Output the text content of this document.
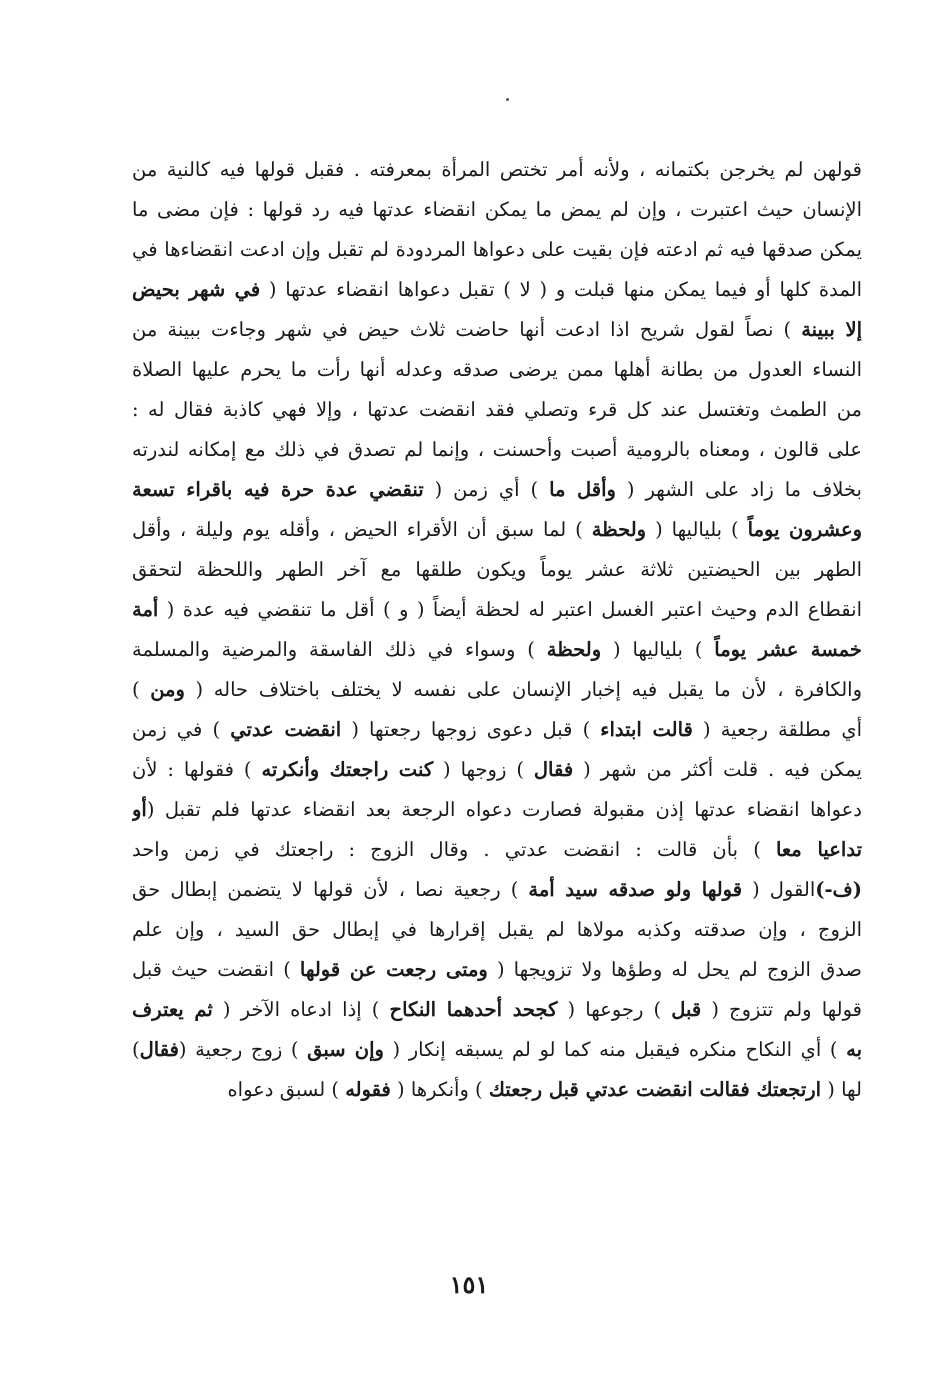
قولهن لم يخرجن بكتمانه ، ولأنه أمر تختص المرأة بمعرفته . فقبل قولها فيه كالنية من
الإنسان حيث اعتبرت ، وإن لم يمض ما يمكن انقضاء عدتها فيه رد قولها : فإن مضى ما
يمكن صدقها فيه ثم ادعته فإن بقيت على دعواها المردودة لم تقبل وإن ادعت انقضاءها في
المدة كلها أو فيما يمكن منها قبلت و ( لا ) تقبل دعواها انقضاء عدتها ( في شهر بحيض
إلا ببينة ) نصاً لقول شريح اذا ادعت أنها حاضت ثلاث حيض في شهر وجاءت ببينة من
النساء العدول من بطانة أهلها ممن يرضى صدقه وعدله أنها رأت ما يحرم عليها الصلاة
من الطمث وتغتسل عند كل قرء وتصلي فقد انقضت عدتها ، وإلا فهي كاذبة فقال له :
على قالون ، ومعناه بالرومية أصبت وأحسنت ، وإنما لم تصدق في ذلك مع إمكانه لندرته
بخلاف ما زاد على الشهر ( وأقل ما ) أي زمن ( تنقضي عدة حرة فيه باقراء تسعة
وعشرون يوماً ) بلياليها ( ولحظة ) لما سبق أن الأقراء الحيض ، وأقله يوم وليلة ، وأقل
الطهر بين الحيضتين ثلاثة عشر يوماً ويكون طلقها مع آخر الطهر واللحظة لتحقق
انقطاع الدم وحيث اعتبر الغسل اعتبر له لحظة أيضاً ( و ) أقل ما تنقضي فيه عدة ( أمة
خمسة عشر يوماً ) بلياليها ( ولحظة ) وسواء في ذلك الفاسقة والمرضية والمسلمة
والكافرة ، لأن ما يقبل فيه إخبار الإنسان على نفسه لا يختلف باختلاف حاله ( ومن )
أي مطلقة رجعية ( قالت ابتداء ) قبل دعوى زوجها رجعتها ( انقضت عدتي ) في زمن
يمكن فيه . قلت أكثر من شهر ( فقال ) زوجها ( كنت راجعتك وأنكرته ) فقولها : لأن
دعواها انقضاء عدتها إذن مقبولة فصارت دعواه الرجعة بعد انقضاء عدتها فلم تقبل (أو
تداعيا معا ) بأن قالت : انقضت عدتي . وقال الزوج : راجعتك في زمن واحد
(ف-)القول ( قولها ولو صدقه سيد أمة ) رجعية نصا ، لأن قولها لا يتضمن إبطال حق
الزوج ، وإن صدقته وكذبه مولاها لم يقبل إقرارها في إبطال حق السيد ، وإن علم
صدق الزوج لم يحل له وطؤها ولا تزويجها ( ومتى رجعت عن قولها ) انقضت حيث قبل
قولها ولم تتزوج ( قبل ) رجوعها ( كجحد أحدهما النكاح ) إذا ادعاه الآخر ( ثم يعترف
به ) أي النكاح منكره فيقبل منه كما لو لم يسبقه إنكار ( وإن سبق ) زوج رجعية (فقال)
لها ( ارتجعتك فقالت انقضت عدتي قبل رجعتك ) وأنكرها ( فقوله ) لسبق دعواه
١٥١
